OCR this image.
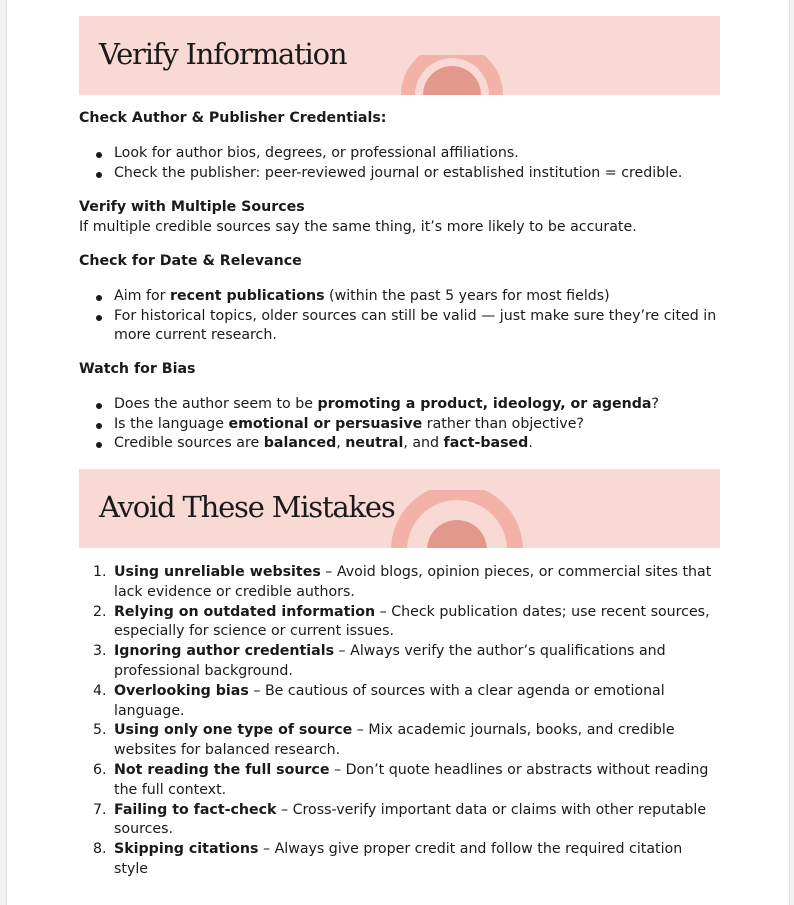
Verify Information
Check Author & Publisher Credentials:
Look for author bios, degrees, or professional affiliations.
Check the publisher: peer-reviewed journal or established institution = credible.
Verify with Multiple Sources
If multiple credible sources say the same thing, it’s more likely to be accurate.
Check for Date & Relevance
Aim for recent publications (within the past 5 years for most fields)
For historical topics, older sources can still be valid — just make sure they’re cited in more current research.
Watch for Bias
Does the author seem to be promoting a product, ideology, or agenda?
Is the language emotional or persuasive rather than objective?
Credible sources are balanced, neutral, and fact-based.
Avoid These Mistakes
1. Using unreliable websites – Avoid blogs, opinion pieces, or commercial sites that lack evidence or credible authors.
2. Relying on outdated information – Check publication dates; use recent sources, especially for science or current issues.
3. Ignoring author credentials – Always verify the author’s qualifications and professional background.
4. Overlooking bias – Be cautious of sources with a clear agenda or emotional language.
5. Using only one type of source – Mix academic journals, books, and credible websites for balanced research.
6. Not reading the full source – Don’t quote headlines or abstracts without reading the full context.
7. Failing to fact-check – Cross-verify important data or claims with other reputable sources.
8. Skipping citations – Always give proper credit and follow the required citation style
